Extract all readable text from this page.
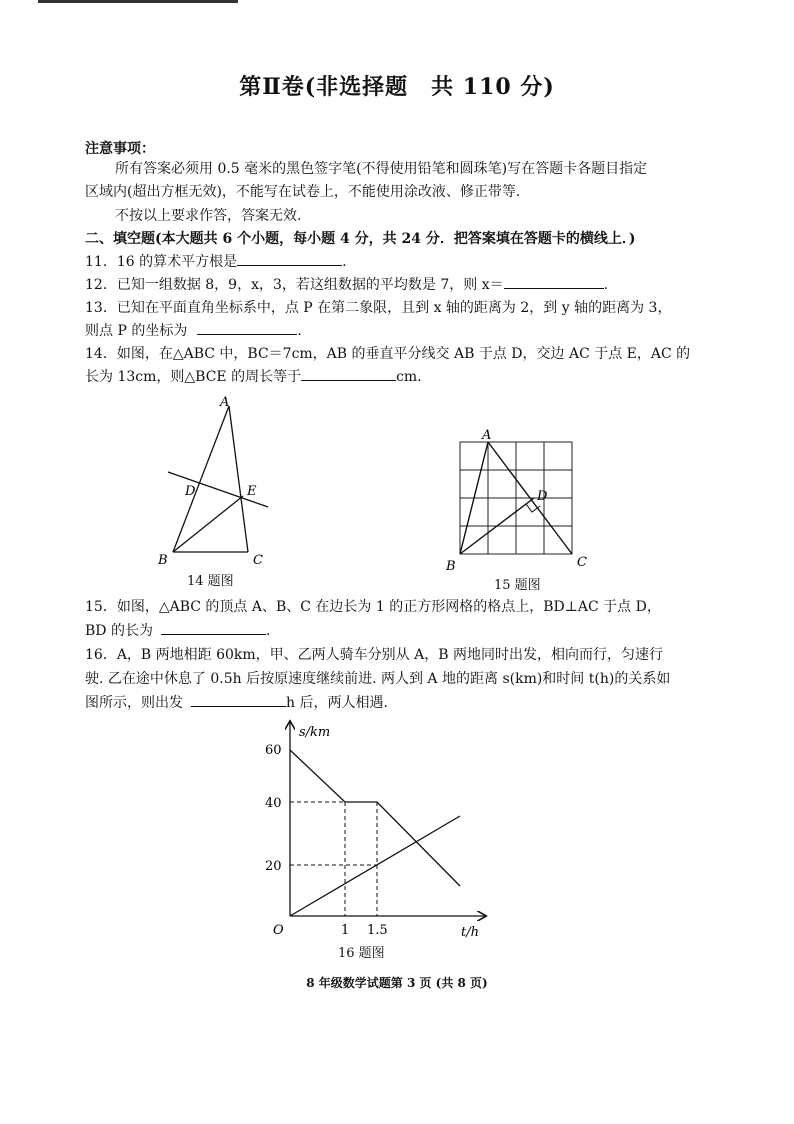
第Ⅱ卷(非选择题　共 110 分)
注意事项：
所有答案必须用 0.5 毫米的黑色签字笔(不得使用铅笔和圆珠笔)写在答题卡各题目指定
区域内(超出方框无效)，不能写在试卷上，不能使用涂改液、修正带等.
不按以上要求作答，答案无效.
二、填空题(本大题共 6 个小题，每小题 4 分，共 24 分．把答案填在答题卡的横线上．)
11．16 的算术平方根是	.
12．已知一组数据 8，9，x，3，若这组数据的平均数是 7，则 x＝	.
13．已知在平面直角坐标系中，点 P 在第二象限，且到 x 轴的距离为 2，到 y 轴的距离为 3，
则点 P 的坐标为	.
14．如图，在△ABC 中，BC＝7cm，AB 的垂直平分线交 AB 于点 D，交边 AC 于点 E，AC 的
长为 13cm，则△BCE 的周长等于	cm.
A
D	E
B	C
14 题图
A
D
B	C
15 题图
15．如图，△ABC 的顶点 A、B、C 在边长为 1 的正方形网格的格点上，BD⊥AC 于点 D，
BD 的长为	.
16．A，B 两地相距 60km，甲、乙两人骑车分别从 A，B 两地同时出发，相向而行，匀速行
驶. 乙在途中休息了 0.5h 后按原速度继续前进. 两人到 A 地的距离 s(km)和时间 t(h)的关系如
图所示，则出发	h 后，两人相遇.
s/km
t/h
O
60
40
20
1 1.5
16 题图
8 年级数学试题第 3 页 (共 8 页)
